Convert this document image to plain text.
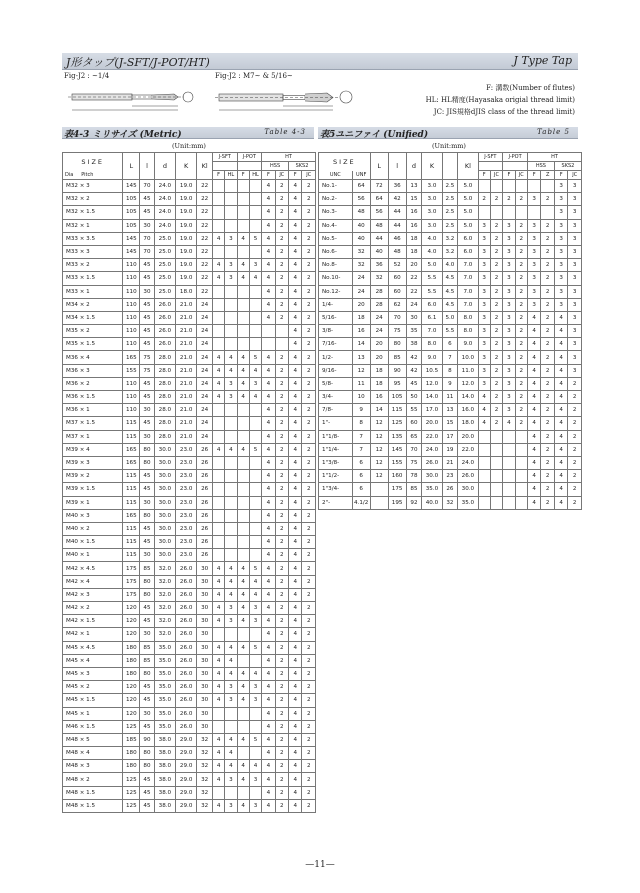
J形タップ(J-SFT/J-POT/HT)	J Type Tap
Fig-J2 : ~1/4	Fig-J2 : M7~ & 5/16~
F: 溝数(Number of flutes)
HL: HL精度(Hayasaka origial thread limit)
JC: JIS規格dJIS class of the thread limit)
表4-3 ミリサイズ (Metric)	Table 4-3 表5ユニファイ (Unified)	Table 5
(Unit:mm)	(Unit:mm)
SIZE	L	l	d	K	Kl	J-SFT		J-POT		HT			
										HSS		SKS2	
Dia Pitch						F	HL	F	HL	F	JC	F	JC
M32 × 3	145	70	24.0	19.0	22					4	2	4	2
M32 × 2	105	45	24.0	19.0	22					4	2	4	2
M32 × 1.5	105	45	24.0	19.0	22					4	2	4	2
M32 × 1	105	30	24.0	19.0	22					4	2	4	2
M33 × 3.5	145	70	25.0	19.0	22	4	3	4	5	4	2	4	2
M33 × 3	145	70	25.0	19.0	22					4	2	4	2
M33 × 2	110	45	25.0	19.0	22	4	3	4	3	4	2	4	2
M33 × 1.5	110	45	25.0	19.0	22	4	3	4	4	4	2	4	2
M33 × 1	110	30	25.0	18.0	22					4	2	4	2
M34 × 2	110	45	26.0	21.0	24					4	2	4	2
M34 × 1.5	110	45	26.0	21.0	24					4	2	4	2
M35 × 2	110	45	26.0	21.0	24							4	2
M35 × 1.5	110	45	26.0	21.0	24							4	2
M36 × 4	165	75	28.0	21.0	24	4	4	4	5	4	2	4	2
M36 × 3	155	75	28.0	21.0	24	4	4	4	4	4	2	4	2
M36 × 2	110	45	28.0	21.0	24	4	3	4	3	4	2	4	2
M36 × 1.5	110	45	28.0	21.0	24	4	3	4	4	4	2	4	2
M36 × 1	110	30	28.0	21.0	24					4	2	4	2
M37 × 1.5	115	45	28.0	21.0	24					4	2	4	2
M37 × 1	115	30	28.0	21.0	24					4	2	4	2
M39 × 4	165	80	30.0	23.0	26	4	4	4	5	4	2	4	2
M39 × 3	165	80	30.0	23.0	26					4	2	4	2
M39 × 2	115	45	30.0	23.0	26					4	2	4	2
M39 × 1.5	115	45	30.0	23.0	26					4	2	4	2
M39 × 1	115	30	30.0	23.0	26					4	2	4	2
M40 × 3	165	80	30.0	23.0	26					4	2	4	2
M40 × 2	115	45	30.0	23.0	26					4	2	4	2
M40 × 1.5	115	45	30.0	23.0	26					4	2	4	2
M40 × 1	115	30	30.0	23.0	26					4	2	4	2
M42 × 4.5	175	85	32.0	26.0	30	4	4	4	5	4	2	4	2
M42 × 4	175	80	32.0	26.0	30	4	4	4	4	4	2	4	2
M42 × 3	175	80	32.0	26.0	30	4	4	4	4	4	2	4	2
M42 × 2	120	45	32.0	26.0	30	4	3	4	3	4	2	4	2
M42 × 1.5	120	45	32.0	26.0	30	4	3	4	3	4	2	4	2
M42 × 1	120	30	32.0	26.0	30					4	2	4	2
M45 × 4.5	180	85	35.0	26.0	30	4	4	4	5	4	2	4	2
M45 × 4	180	85	35.0	26.0	30	4	4			4	2	4	2
M45 × 3	180	80	35.0	26.0	30	4	4	4	4	4	2	4	2
M45 × 2	120	45	35.0	26.0	30	4	3	4	3	4	2	4	2
M45 × 1.5	120	45	35.0	26.0	30	4	3	4	3	4	2	4	2
M45 × 1	120	30	35.0	26.0	30					4	2	4	2
M46 × 1.5	125	45	35.0	26.0	30					4	2	4	2
M48 × 5	185	90	38.0	29.0	32	4	4	4	5	4	2	4	2
M48 × 4	180	80	38.0	29.0	32	4	4			4	2	4	2
M48 × 3	180	80	38.0	29.0	32	4	4	4	4	4	2	4	2
M48 × 2	125	45	38.0	29.0	32	4	3	4	3	4	2	4	2
M48 × 1.5	125	45	38.0	29.0	32					4	2	4	2
M48 × 1.5	125	45	38.0	29.0	32	4	3	4	3	4	2	4	2
SIZE		L	l	d	K		Kl	J-SFT		J-POT		HT			
												HSS		SKS2	
UNC	UNF							F	JC	F	JC	F	Z	F	JC
No.1-	64	72	36	13	3.0	2.5	5.0							3	3
No.2-	56	64	42	15	3.0	2.5	5.0	2	2	2	2	3	2	3	3
No.3-	48	56	44	16	3.0	2.5	5.0							3	3
No.4-	40	48	44	16	3.0	2.5	5.0	3	2	3	2	3	2	3	3
No.5-	40	44	46	18	4.0	3.2	6.0	3	2	3	2	3	2	3	3
No.6-	32	40	48	18	4.0	3.2	6.0	3	2	3	2	3	2	3	3
No.8-	32	36	52	20	5.0	4.0	7.0	3	2	3	2	3	2	3	3
No.10-	24	32	60	22	5.5	4.5	7.0	3	2	3	2	3	2	3	3
No.12-	24	28	60	22	5.5	4.5	7.0	3	2	3	2	3	2	3	3
1/4-	20	28	62	24	6.0	4.5	7.0	3	2	3	2	3	2	3	3
5/16-	18	24	70	30	6.1	5.0	8.0	3	2	3	2	4	2	4	3
3/8-	16	24	75	35	7.0	5.5	8.0	3	2	3	2	4	2	4	3
7/16-	14	20	80	38	8.0	6	9.0	3	2	3	2	4	2	4	3
1/2-	13	20	85	42	9.0	7	10.0	3	2	3	2	4	2	4	3
9/16-	12	18	90	42	10.5	8	11.0	3	2	3	2	4	2	4	3
5/8-	11	18	95	45	12.0	9	12.0	3	2	3	2	4	2	4	2
3/4-	10	16	105	50	14.0	11	14.0	4	2	3	2	4	2	4	2
7/8-	9	14	115	55	17.0	13	16.0	4	2	3	2	4	2	4	2
1"-	8	12	125	60	20.0	15	18.0	4	2	4	2	4	2	4	2
1"1/8-	7	12	135	65	22.0	17	20.0					4	2	4	2
1"1/4-	7	12	145	70	24.0	19	22.0					4	2	4	2
1"3/8-	6	12	155	75	26.0	21	24.0					4	2	4	2
1"1/2-	6	12	160	78	30.0	23	26.0					4	2	4	2
1"3/4-	6		175	85	35.0	26	30.0					4	2	4	2
2"-	4.1/2		195	92	40.0	32	35.0					4	2	4	2
—11—
